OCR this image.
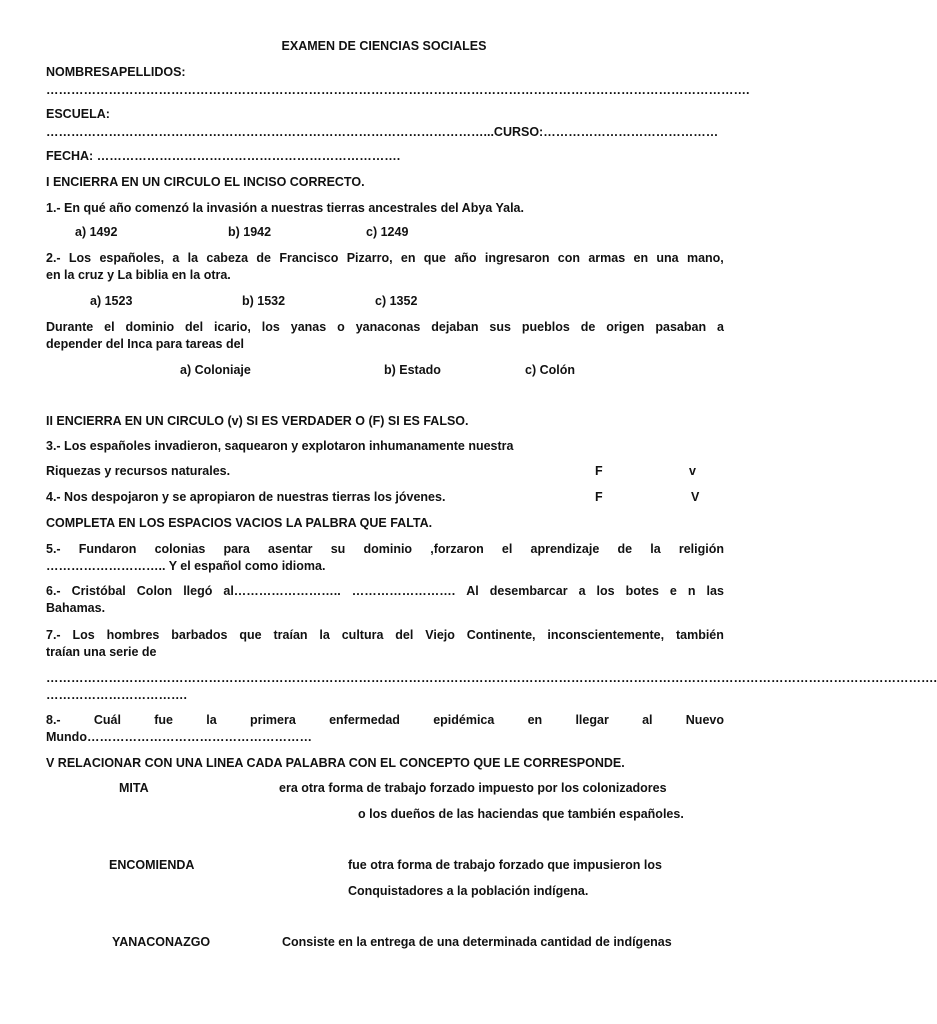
EXAMEN DE CIENCIAS SOCIALES
NOMBRESAPELLIDOS:
…………………………………………………………………………………………………………………………………………………….
ESCUELA:
……………………………………………………………………………………………...CURSO:……………………………………
FECHA: ……………………………………………………………….
I ENCIERRA EN UN CIRCULO EL INCISO CORRECTO.
1.- En qué año comenzó la invasión a nuestras tierras ancestrales del Abya Yala.
a) 1492	b) 1942	c) 1249
2.- Los españoles, a la cabeza de Francisco Pizarro, en que año ingresaron con armas en una mano,
en la cruz y La biblia en la otra.
a) 1523	b) 1532	c) 1352
Durante el dominio del icario, los yanas o yanaconas dejaban sus pueblos de origen pasaban a
depender del Inca para tareas del
a) Coloniaje	b) Estado	c) Colón
II ENCIERRA EN UN CIRCULO (v) SI ES VERDADER O (F) SI ES FALSO.
3.- Los españoles invadieron, saquearon y explotaron inhumanamente nuestra
Riquezas y recursos naturales.	F	v
4.- Nos despojaron y se apropiaron de nuestras tierras los jóvenes.	F	V
COMPLETA EN LOS ESPACIOS VACIOS LA PALBRA QUE FALTA.
5.- Fundaron colonias para asentar su dominio ,forzaron el aprendizaje de la religión
……………………….. Y el español como idioma.
6.- Cristóbal Colon llegó al…………………….. ……………………. Al desembarcar a los botes e n las
Bahamas.
7.- Los hombres barbados que traían la cultura del Viejo Continente, inconscientemente, también
traían una serie de
…………………………………………………………………………………………………………………………………………………………………………………………….
…………………………….
8.-	Cuál	fue	la	primera	enfermedad	epidémica	en	llegar	al	Nuevo
Mundo………………………………………………
V RELACIONAR CON UNA LINEA CADA PALABRA CON EL CONCEPTO QUE LE CORRESPONDE.
MITA	era otra forma de trabajo forzado impuesto por los colonizadores
o los dueños de las haciendas que también españoles.
ENCOMIENDA	fue otra forma de trabajo forzado que impusieron los
Conquistadores a la población indígena.
YANACONAZGO	Consiste en la entrega de una determinada cantidad de indígenas
